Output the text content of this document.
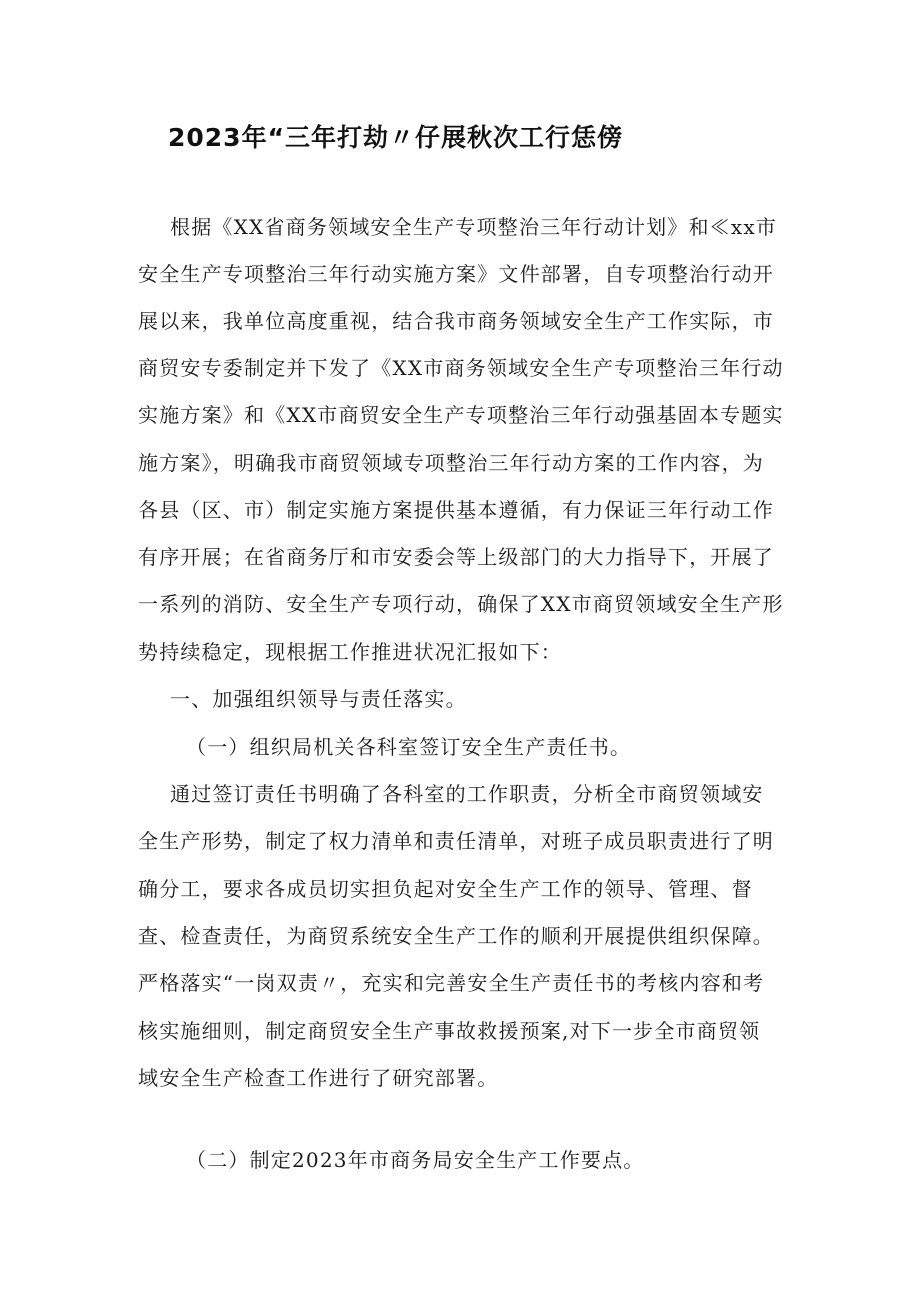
2023年“三年打劫〃仔展秋次工行恁傍
根据《XX省商务领域安全生产专项整治三年行动计划》和≪xx市
安全生产专项整治三年行动实施方案》文件部署，自专项整治行动开
展以来，我单位高度重视，结合我市商务领域安全生产工作实际，市
商贸安专委制定并下发了《XX市商务领域安全生产专项整治三年行动
实施方案》和《XX市商贸安全生产专项整治三年行动强基固本专题实
施方案》，明确我市商贸领域专项整治三年行动方案的工作内容，为
各县（区、市）制定实施方案提供基本遵循，有力保证三年行动工作
有序开展；在省商务厅和市安委会等上级部门的大力指导下，开展了
一系列的消防、安全生产专项行动，确保了XX市商贸领域安全生产形
势持续稳定，现根据工作推进状况汇报如下：
一、加强组织领导与责任落实。
（一）组织局机关各科室签订安全生产责任书。
通过签订责任书明确了各科室的工作职责，分析全市商贸领域安
全生产形势，制定了权力清单和责任清单，对班子成员职责进行了明
确分工，要求各成员切实担负起对安全生产工作的领导、管理、督
查、检查责任，为商贸系统安全生产工作的顺利开展提供组织保障。
严格落实“一岗双责〃，充实和完善安全生产责任书的考核内容和考
核实施细则，制定商贸安全生产事故救援预案,对下一步全市商贸领
域安全生产检查工作进行了研究部署。
（二）制定2023年市商务局安全生产工作要点。
